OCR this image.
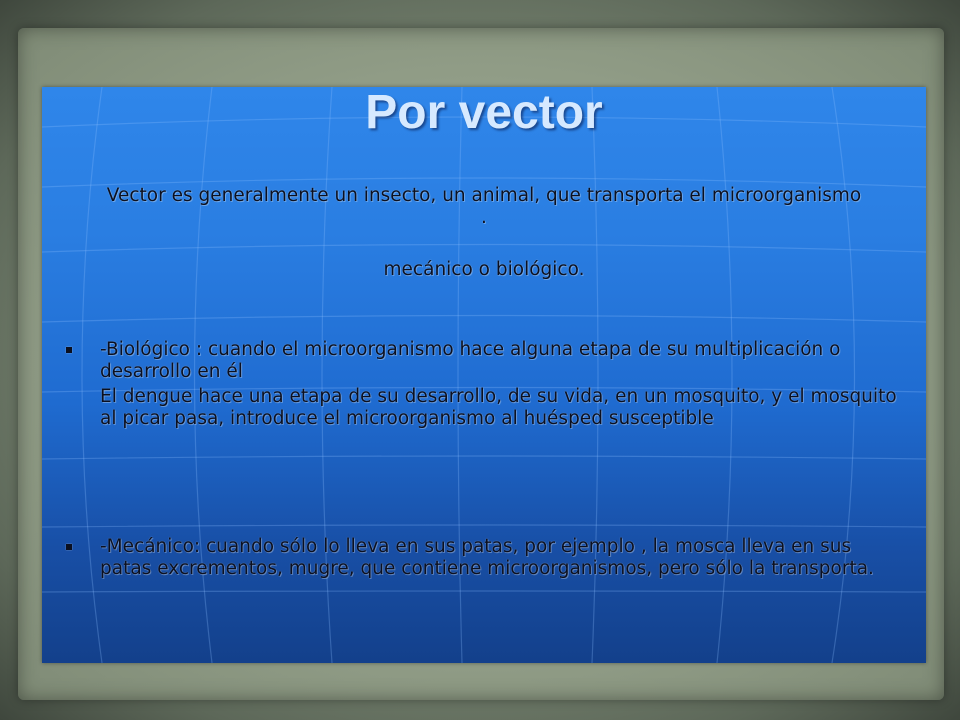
Por vector

Vector es generalmente un insecto, un animal, que transporta el microorganismo .

mecánico o biológico.

-Biológico : cuando el microorganismo hace alguna etapa de su multiplicación o desarrollo en él

El dengue hace una etapa de su desarrollo, de su vida, en un mosquito, y el mosquito al picar pasa, introduce el microorganismo al huésped susceptible

-Mecánico: cuando sólo lo lleva en sus patas, por ejemplo , la mosca lleva en sus patas excrementos, mugre, que contiene microorganismos, pero sólo la transporta.
